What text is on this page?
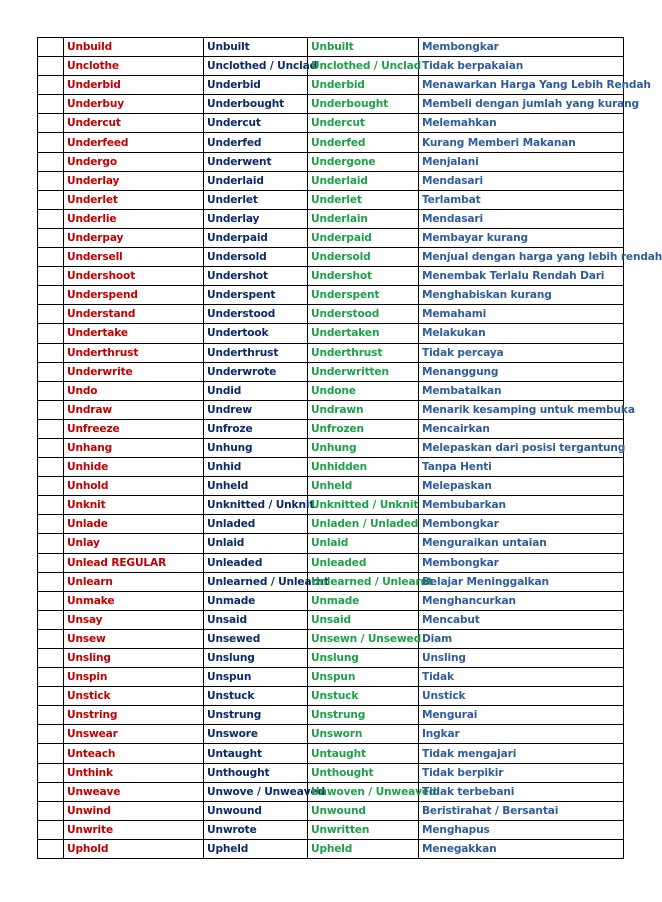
	Unbuild	Unbuilt	Unbuilt	Membongkar
	Unclothe	Unclothed / Unclad	Unclothed / Unclad	Tidak berpakaian
	Underbid	Underbid	Underbid	Menawarkan Harga Yang Lebih Rendah
	Underbuy	Underbought	Underbought	Membeli dengan jumlah yang kurang
	Undercut	Undercut	Undercut	Melemahkan
	Underfeed	Underfed	Underfed	Kurang Memberi Makanan
	Undergo	Underwent	Undergone	Menjalani
	Underlay	Underlaid	Underlaid	Mendasari
	Underlet	Underlet	Underlet	Terlambat
	Underlie	Underlay	Underlain	Mendasari
	Underpay	Underpaid	Underpaid	Membayar kurang
	Undersell	Undersold	Undersold	Menjual dengan harga yang lebih rendah
	Undershoot	Undershot	Undershot	Menembak Terlalu Rendah Dari
	Underspend	Underspent	Underspent	Menghabiskan kurang
	Understand	Understood	Understood	Memahami
	Undertake	Undertook	Undertaken	Melakukan
	Underthrust	Underthrust	Underthrust	Tidak percaya
	Underwrite	Underwrote	Underwritten	Menanggung
	Undo	Undid	Undone	Membatalkan
	Undraw	Undrew	Undrawn	Menarik kesamping untuk membuka
	Unfreeze	Unfroze	Unfrozen	Mencairkan
	Unhang	Unhung	Unhung	Melepaskan dari posisi tergantung
	Unhide	Unhid	Unhidden	Tanpa Henti
	Unhold	Unheld	Unheld	Melepaskan
	Unknit	Unknitted / Unknit	Unknitted / Unknit	Membubarkan
	Unlade	Unladed	Unladen / Unladed	Membongkar
	Unlay	Unlaid	Unlaid	Menguraikan untaian
	Unlead REGULAR	Unleaded	Unleaded	Membongkar
	Unlearn	Unlearned / Unlearnt	Unlearned / Unlearnt	Belajar Meninggalkan
	Unmake	Unmade	Unmade	Menghancurkan
	Unsay	Unsaid	Unsaid	Mencabut
	Unsew	Unsewed	Unsewn / Unsewed	Diam
	Unsling	Unslung	Unslung	Unsling
	Unspin	Unspun	Unspun	Tidak
	Unstick	Unstuck	Unstuck	Unstick
	Unstring	Unstrung	Unstrung	Mengurai
	Unswear	Unswore	Unsworn	Ingkar
	Unteach	Untaught	Untaught	Tidak mengajari
	Unthink	Unthought	Unthought	Tidak berpikir
	Unweave	Unwove / Unweaved	Unwoven / Unweaved	Tidak terbebani
	Unwind	Unwound	Unwound	Beristirahat / Bersantai
	Unwrite	Unwrote	Unwritten	Menghapus
	Uphold	Upheld	Upheld	Menegakkan
